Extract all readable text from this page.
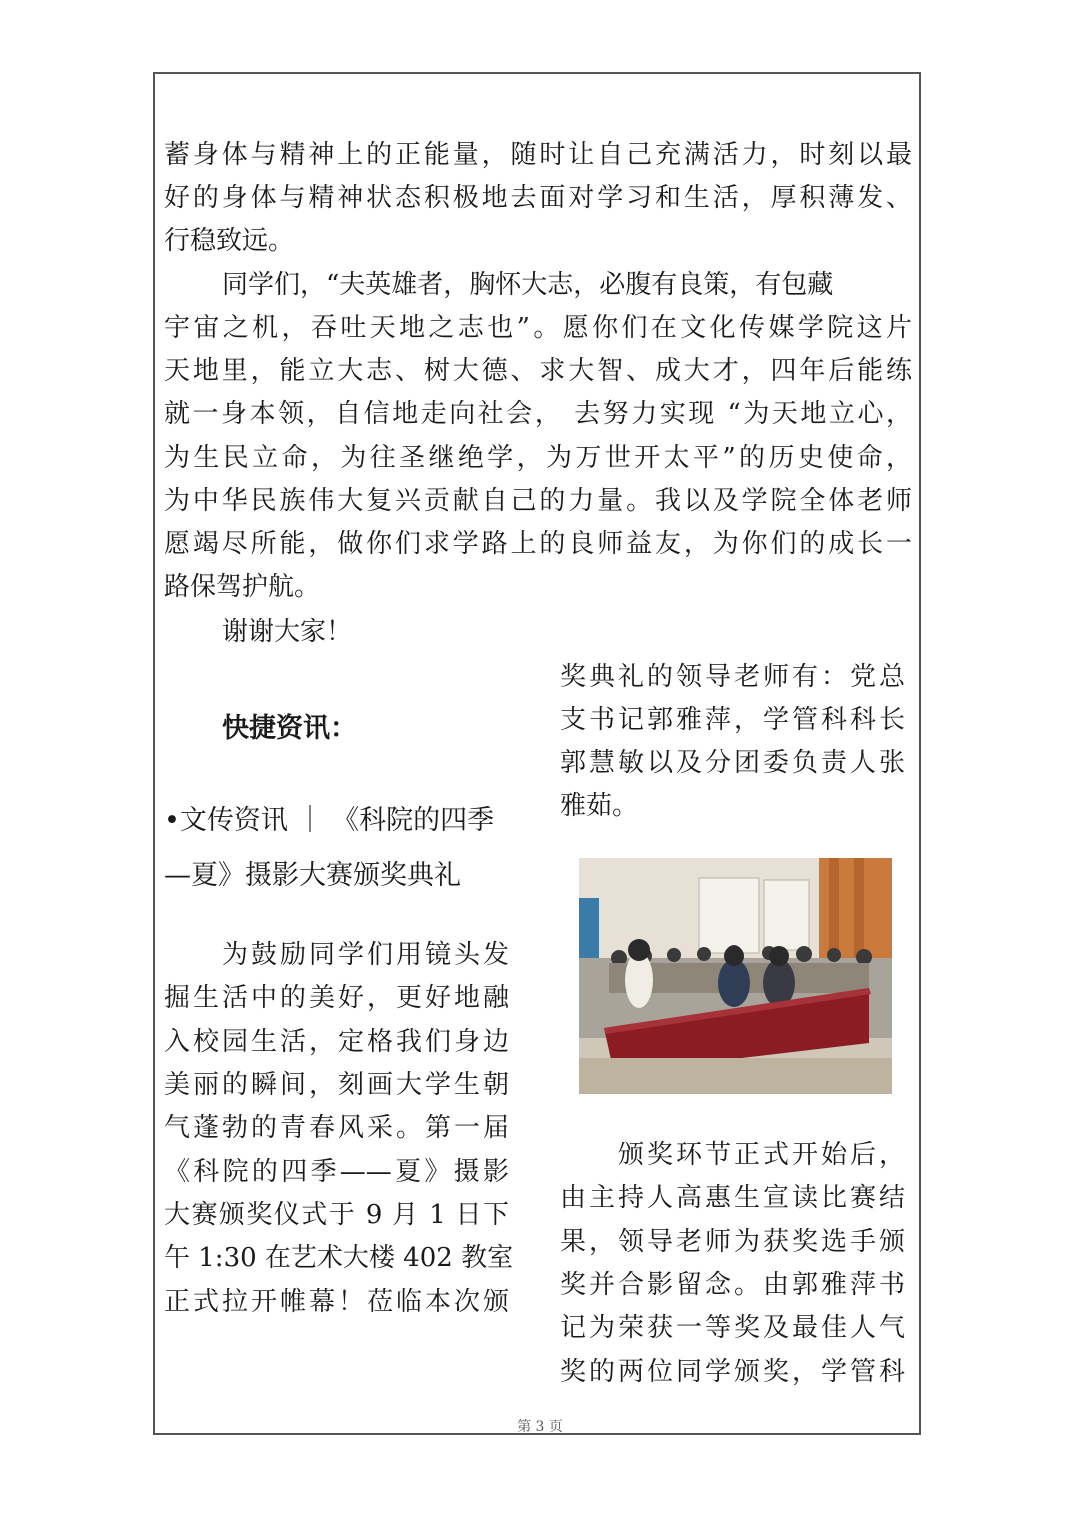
蓄身体与精神上的正能量，随时让自己充满活力，时刻以最
好的身体与精神状态积极地去面对学习和生活，厚积薄发、
行稳致远。
同学们，“夫英雄者，胸怀大志，必腹有良策，有包藏
宇宙之机，吞吐天地之志也”。愿你们在文化传媒学院这片
天地里，能立大志、树大德、求大智、成大才，四年后能练
就一身本领，自信地走向社会， 去努力实现 “为天地立心，
为生民立命，为往圣继绝学，为万世开太平”的历史使命，
为中华民族伟大复兴贡献自己的力量。我以及学院全体老师
愿竭尽所能，做你们求学路上的良师益友，为你们的成长一
路保驾护航。
谢谢大家！
快捷资讯：
•文传资讯 ｜ 《科院的四季
—夏》摄影大赛颁奖典礼
为鼓励同学们用镜头发
掘生活中的美好，更好地融
入校园生活，定格我们身边
美丽的瞬间，刻画大学生朝
气蓬勃的青春风采。第一届
《科院的四季——夏》摄影
大赛颁奖仪式于 9 月 1 日下
午 1:30 在艺术大楼 402 教室
正式拉开帷幕！莅临本次颁
奖典礼的领导老师有：党总
支书记郭雅萍，学管科科长
郭慧敏以及分团委负责人张
雅茹。
颁奖环节正式开始后，
由主持人高惠生宣读比赛结
果，领导老师为获奖选手颁
奖并合影留念。由郭雅萍书
记为荣获一等奖及最佳人气
奖的两位同学颁奖，学管科
第 3 页
